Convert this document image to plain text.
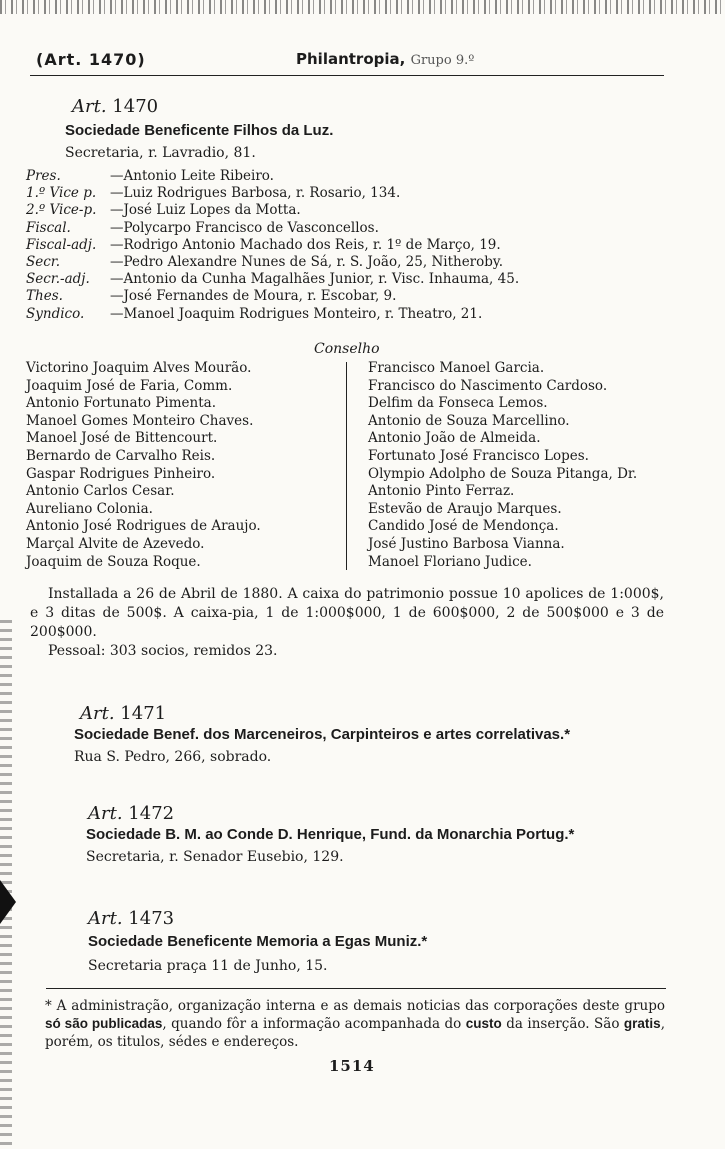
(Art. 1470)	Philantropia, Grupo 9.º
Art. 1470
Sociedade Beneficente Filhos da Luz.
Secretaria, r. Lavradio, 81.
Pres.	—Antonio Leite Ribeiro.
1.º Vice p. —Luiz Rodrigues Barbosa, r. Rosario, 134.
2.º Vice-p. —José Luiz Lopes da Motta.
Fiscal.	—Polycarpo Francisco de Vasconcellos.
Fiscal-adj. —Rodrigo Antonio Machado dos Reis, r. 1º de Março, 19.
Secr.	—Pedro Alexandre Nunes de Sá, r. S. João, 25, Nitheroby.
Secr.-adj. —Antonio da Cunha Magalhães Junior, r. Visc. Inhauma, 45.
Thes.	—José Fernandes de Moura, r. Escobar, 9.
Syndico. —Manoel Joaquim Rodrigues Monteiro, r. Theatro, 21.
Conselho
Victorino Joaquim Alves Mourão.
Joaquim José de Faria, Comm.
Antonio Fortunato Pimenta.
Manoel Gomes Monteiro Chaves.
Manoel José de Bittencourt.
Bernardo de Carvalho Reis.
Gaspar Rodrigues Pinheiro.
Antonio Carlos Cesar.
Aureliano Colonia.
Antonio José Rodrigues de Araujo.
Marçal Alvite de Azevedo.
Joaquim de Souza Roque.
Francisco Manoel Garcia.
Francisco do Nascimento Cardoso.
Delfim da Fonseca Lemos.
Antonio de Souza Marcellino.
Antonio João de Almeida.
Fortunato José Francisco Lopes.
Olympio Adolpho de Souza Pitanga, Dr.
Antonio Pinto Ferraz.
Estevão de Araujo Marques.
Candido José de Mendonça.
José Justino Barbosa Vianna.
Manoel Floriano Judice.
Installada a 26 de Abril de 1880. A caixa do patrimonio possue 10 apolices de 1:000$, e 3 ditas de 500$. A caixa-pia, 1 de 1:000$000, 1 de 600$000, 2 de 500$000 e 3 de 200$000.
Pessoal: 303 socios, remidos 23.
Art. 1471
Sociedade Benef. dos Marceneiros, Carpinteiros e artes correlativas.*
Rua S. Pedro, 266, sobrado.
Art. 1472
Sociedade B. M. ao Conde D. Henrique, Fund. da Monarchia Portug.*
Secretaria, r. Senador Eusebio, 129.
Art. 1473
Sociedade Beneficente Memoria a Egas Muniz.*
Secretaria praça 11 de Junho, 15.
* A administração, organização interna e as demais noticias das corporações deste grupo só são publicadas, quando fôr a informação acompanhada do custo da inserção. São gratis, porém, os titulos, sédes e endereços.
1514
